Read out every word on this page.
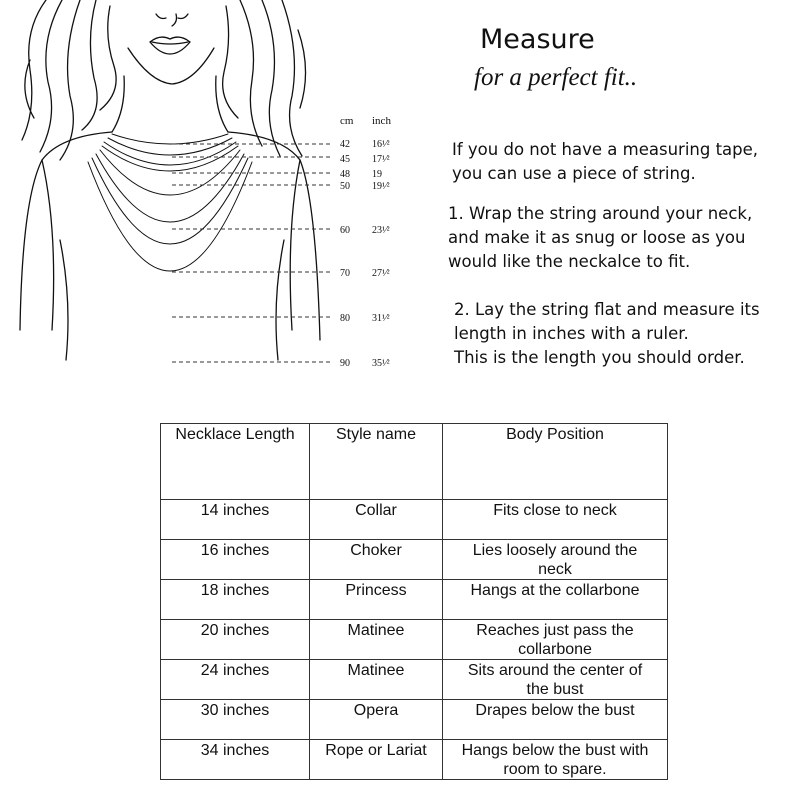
cm inch
42 16¹⁄²
45 17¹⁄²
48 19
50 19¹⁄²
60 23¹⁄²
70 27¹⁄²
80 31¹⁄²
90 35¹⁄²
Measure
for a perfect fit..
If you do not have a measuring tape,
you can use a piece of string.
1. Wrap the string around your neck,
and make it as snug or loose as you
would like the neckalce to fit.
2. Lay the string flat and measure its
length in inches with a ruler.
This is the length you should order.
Necklace Length	Style name	Body Position
14 inches	Collar	Fits close to neck

16 inches	Choker	Lies loosely around the
neck

18 inches	Princess	Hangs at the collarbone

20 inches	Matinee	Reaches just pass the
collarbone

24 inches	Matinee	Sits around the center of
the bust

30 inches	Opera	Drapes below the bust

34 inches	Rope or Lariat	Hangs below the bust with
room to spare.
